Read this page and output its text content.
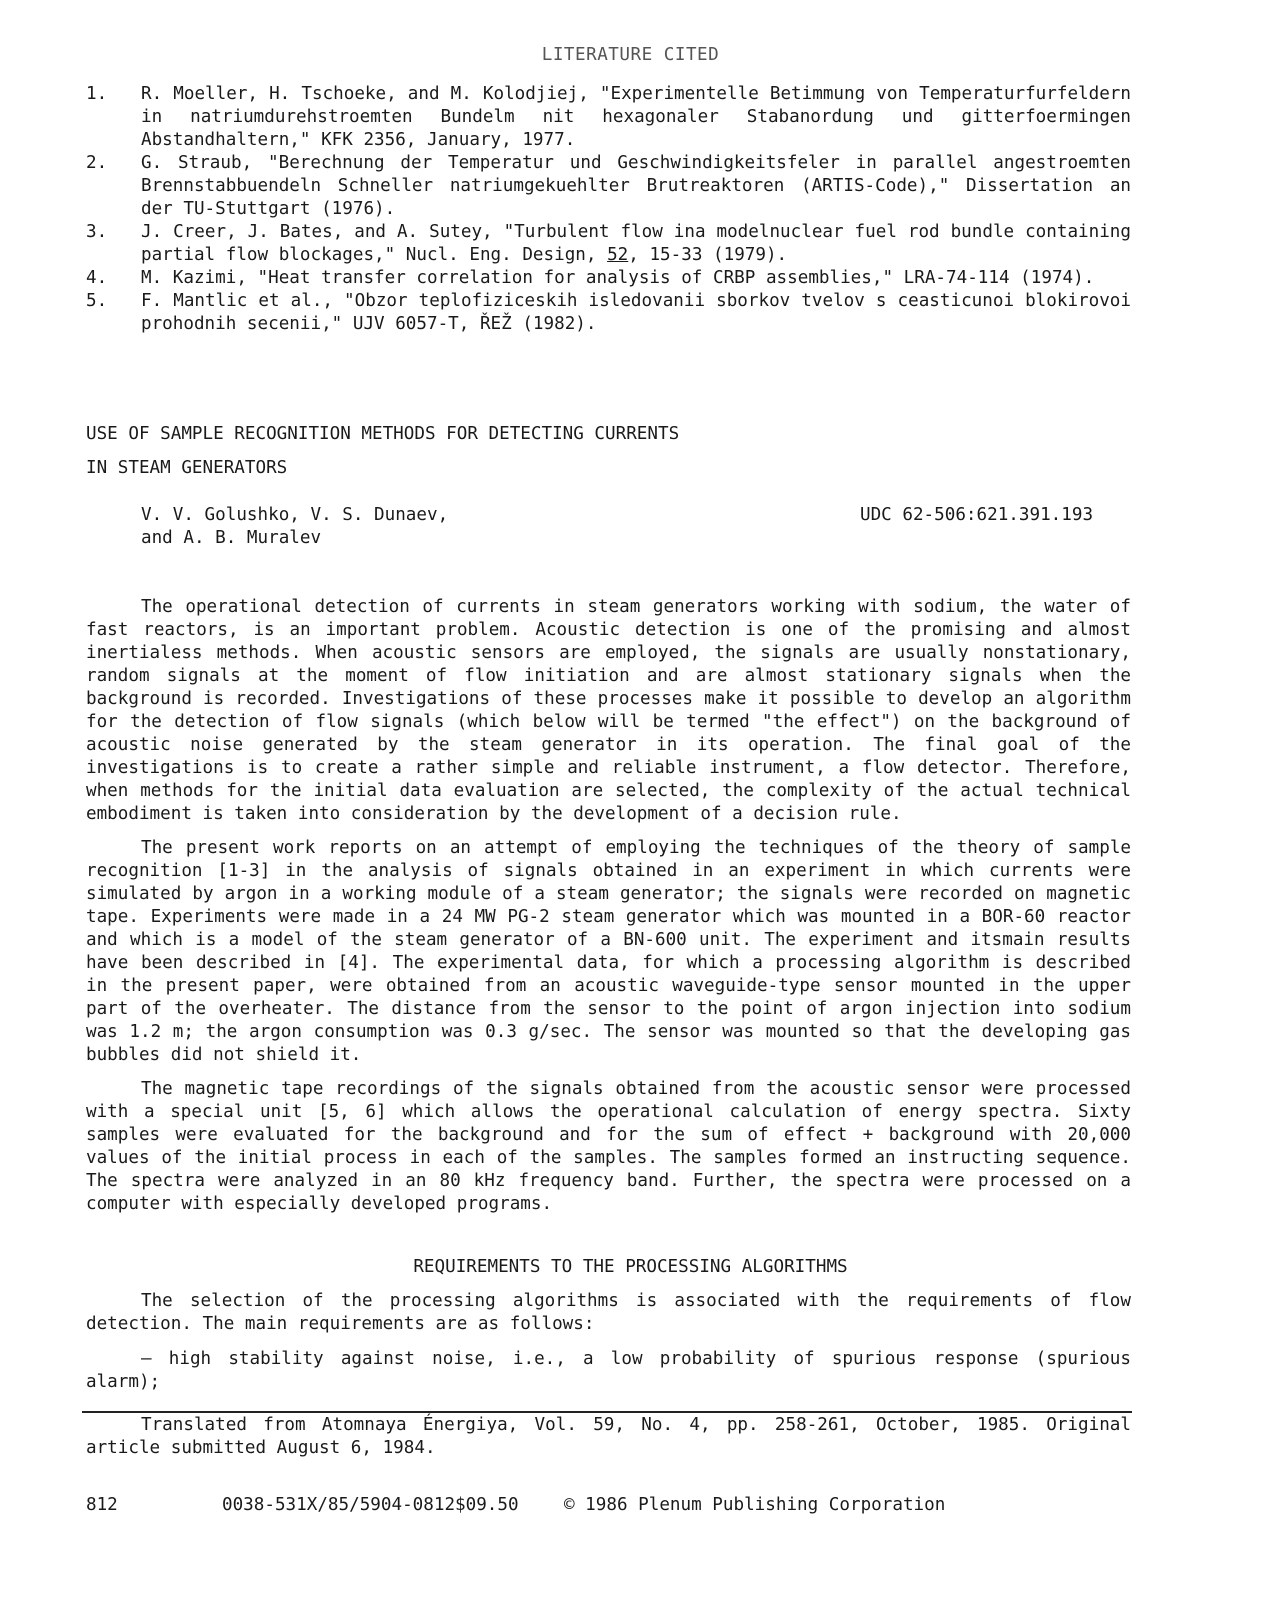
LITERATURE CITED
1.	R. Moeller, H. Tschoeke, and M. Kolodjiej, "Experimentelle Betimmung von Temperaturfurfeldern in natriumdurehstroemten Bundelm nit hexagonaler Stabanordung und gitterfoermingen Abstandhaltern," KFK 2356, January, 1977.
2.	G. Straub, "Berechnung der Temperatur und Geschwindigkeitsfeler in parallel angestroemten Brennstabbuendeln Schneller natriumgekuehlter Brutreaktoren (ARTIS-Code)," Dissertation an der TU-Stuttgart (1976).
3.	J. Creer, J. Bates, and A. Sutey, "Turbulent flow ina modelnuclear fuel rod bundle containing partial flow blockages," Nucl. Eng. Design, 52, 15-33 (1979).
4.	M. Kazimi, "Heat transfer correlation for analysis of CRBP assemblies," LRA-74-114 (1974).
5.	F. Mantlic et al., "Obzor teplofiziceskih isledovanii sborkov tvelov s ceasticunoi blokirovoi prohodnih secenii," UJV 6057-T, ŘEŽ (1982).
USE OF SAMPLE RECOGNITION METHODS FOR DETECTING CURRENTS
IN STEAM GENERATORS
V. V. Golushko, V. S. Dunaev,
and A. B. Muralev
UDC 62-506:621.391.193

The operational detection of currents in steam generators working with sodium, the water of fast reactors, is an important problem. Acoustic detection is one of the promising and almost inertialess methods. When acoustic sensors are employed, the signals are usually nonstationary, random signals at the moment of flow initiation and are almost stationary signals when the background is recorded. Investigations of these processes make it possible to develop an algorithm for the detection of flow signals (which below will be termed "the effect") on the background of acoustic noise generated by the steam generator in its operation. The final goal of the investigations is to create a rather simple and reliable instrument, a flow detector. Therefore, when methods for the initial data evaluation are selected, the complexity of the actual technical embodiment is taken into consideration by the development of a decision rule.

The present work reports on an attempt of employing the techniques of the theory of sample recognition [1-3] in the analysis of signals obtained in an experiment in which currents were simulated by argon in a working module of a steam generator; the signals were recorded on magnetic tape. Experiments were made in a 24 MW PG-2 steam generator which was mounted in a BOR-60 reactor and which is a model of the steam generator of a BN-600 unit. The experiment and itsmain results have been described in [4]. The experimental data, for which a processing algorithm is described in the present paper, were obtained from an acoustic waveguide-type sensor mounted in the upper part of the overheater. The distance from the sensor to the point of argon injection into sodium was 1.2 m; the argon consumption was 0.3 g/sec. The sensor was mounted so that the developing gas bubbles did not shield it.

The magnetic tape recordings of the signals obtained from the acoustic sensor were processed with a special unit [5, 6] which allows the operational calculation of energy spectra. Sixty samples were evaluated for the background and for the sum of effect + background with 20,000 values of the initial process in each of the samples. The samples formed an instructing sequence. The spectra were analyzed in an 80 kHz frequency band. Further, the spectra were processed on a computer with especially developed programs.

REQUIREMENTS TO THE PROCESSING ALGORITHMS

The selection of the processing algorithms is associated with the requirements of flow detection. The main requirements are as follows:

— high stability against noise, i.e., a low probability of spurious response (spurious alarm);

Translated from Atomnaya Énergiya, Vol. 59, No. 4, pp. 258-261, October, 1985. Original article submitted August 6, 1984.

812	0038-531X/85/5904-0812$09.50	© 1986 Plenum Publishing Corporation
